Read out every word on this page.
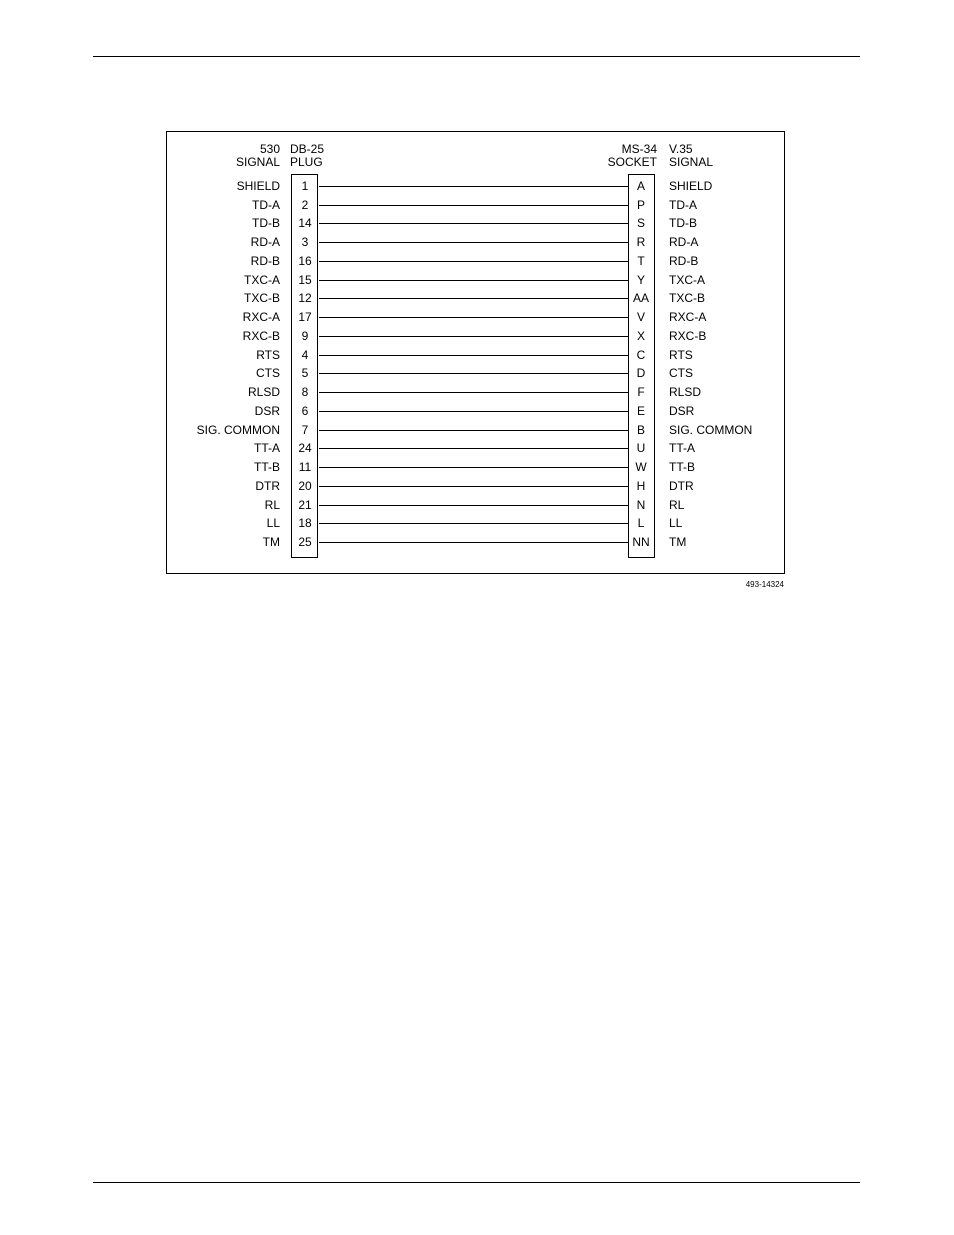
530
SIGNAL
DB-25
PLUG
MS-34
SOCKET
V.35
SIGNAL
SHIELD	1	A	SHIELD
TD-A	2	P	TD-A
TD-B	14	S	TD-B
RD-A	3	R	RD-A
RD-B	16	T	RD-B
TXC-A	15	Y	TXC-A
TXC-B	12	AA	TXC-B
RXC-A	17	V	RXC-A
RXC-B	9	X	RXC-B
RTS	4	C	RTS
CTS	5	D	CTS
RLSD	8	F	RLSD
DSR	6	E	DSR
SIG. COMMON	7	B	SIG. COMMON
TT-A	24	U	TT-A
TT-B	11	W	TT-B
DTR	20	H	DTR
RL	21	N	RL
LL	18	L	LL
TM	25	NN	TM
493-14324
